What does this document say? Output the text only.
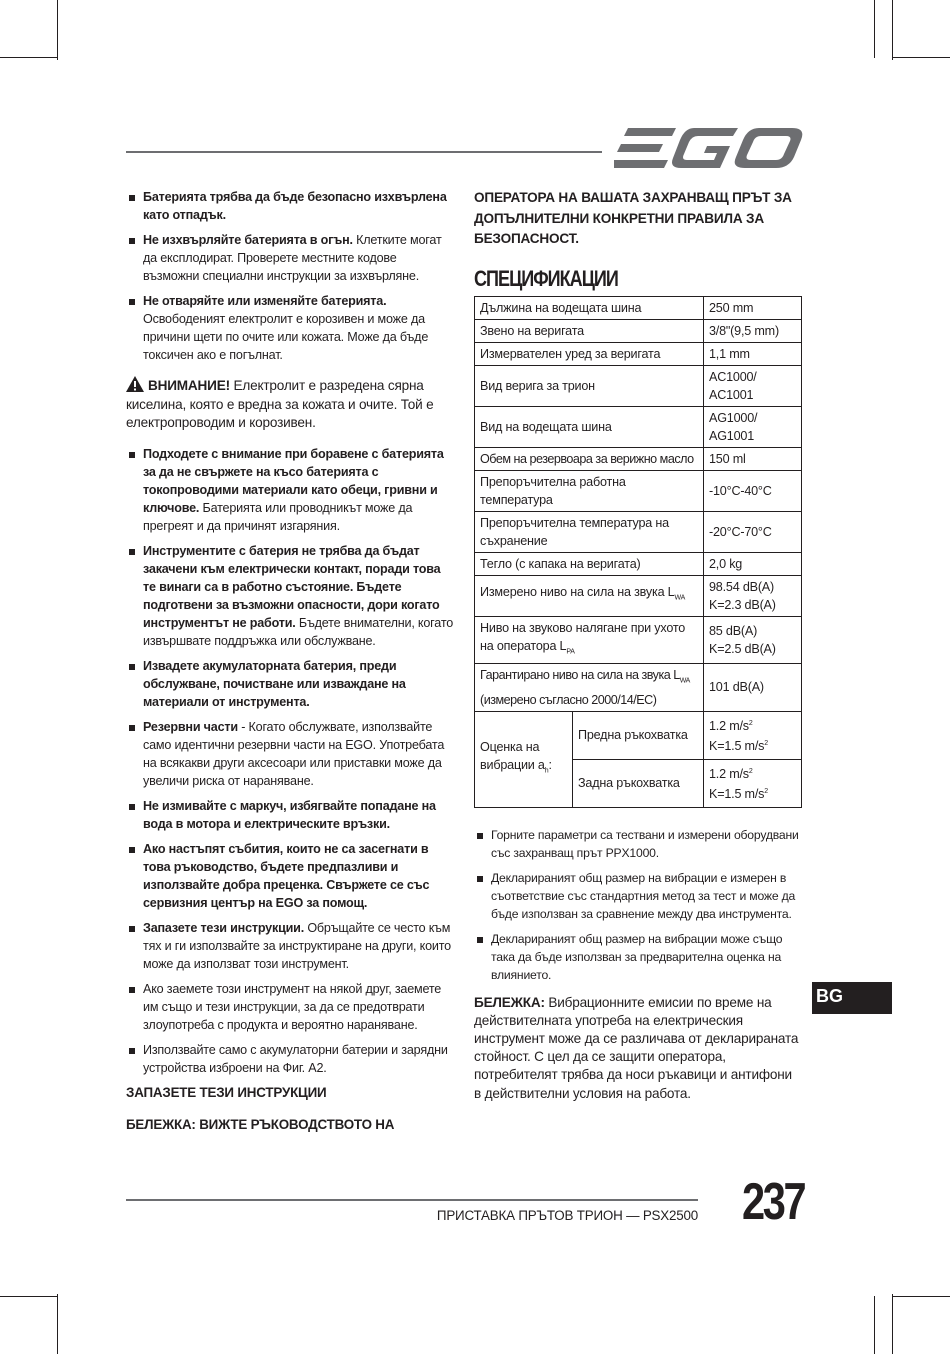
EGO
Батерията трябва да бъде безопасно изхвърлена като отпадък.
Не изхвърляйте батерията в огън. Клетките могат да експлодират. Проверете местните кодове възможни специални инструкции за изхвърляне.
Не отваряйте или изменяйте батерията. Освободеният електролит е корозивен и може да причини щети по очите или кожата. Може да бъде токсичен ако е погълнат.
ВНИМАНИЕ! Електролит е разредена сярна киселина, която е вредна за кожата и очите. Той е електропроводим и корозивен.
Подходете с внимание при боравене с батерията за да не свържете на късо батерията с токопроводими материали като обеци, гривни и ключове. Батерията или проводникът може да прегреят и да причинят изгаряния.
Инструментите с батерия не трябва да бъдат закачени към електрически контакт, поради това те винаги са в работно състояние. Бъдете подготвени за възможни опасности, дори когато инструментът не работи. Бъдете внимателни, когато извършвате поддръжка или обслужване.
Извадете акумулаторната батерия, преди обслужване, почистване или изваждане на материали от инструмента.
Резервни части - Когато обслужвате, използвайте само идентични резервни части на EGO. Употребата на всякакви други аксесоари или приставки може да увеличи риска от нараняване.
Не измивайте с маркуч, избягвайте попадане на вода в мотора и електрическите връзки.
Ако настъпят събития, които не са засегнати в това ръководство, бъдете предпазливи и използвайте добра преценка. Свържете се със сервизния център на EGO за помощ.
Запазете тези инструкции. Обръщайте се често към тях и ги използвайте за инструктиране на други, които може да използват този инструмент.
Ако заемете този инструмент на някой друг, заемете им също и тези инструкции, за да се предотврати злоупотреба с продукта и вероятно нараняване.
Използвайте само с акумулаторни батерии и зарядни устройства изброени на Фиг. А2.
ЗАПАЗЕТЕ ТЕЗИ ИНСТРУКЦИИ
БЕЛЕЖКА: ВИЖТЕ РЪКОВОДСТВОТО НА
ОПЕРАТОРА НА ВАШАТА ЗАХРАНВАЩ ПРЪТ ЗА ДОПЪЛНИТЕЛНИ КОНКРЕТНИ ПРАВИЛА ЗА БЕЗОПАСНОСТ.
СПЕЦИФИКАЦИИ
Дължина на водещата шина		250 mm
Звено на веригата		3/8"(9,5 mm)
Измервателен уред за веригата		1,1 mm
Вид верига за трион		AC1000/ AC1001
Вид на водещата шина		AG1000/ AG1001
Обем на резервоара за верижно масло		150 ml
Препоръчителна работна температура		-10°C-40°C
Препоръчителна температура на съхранение		-20°C-70°C
Тегло (с капака на веригата)		2,0 kg
Измерено ниво на сила на звука $L_{WA}$		98.54 dB(A)
K=2.3 dB(A)

Ниво на звуково налягане при ухото на оператора $L_{PA}$		85 dB(A)
K=2.5 dB(A)

Гарантирано ниво на сила на звука $L_{WA}$
(измерено съгласно 2000/14/ЕС)		101 dB(A)
Оценка на вибрации $a_h$:	Предна ръкохватка	1.2 $m/s^2$
K=1.5 $m/s^2$

	Задна ръкохватка	1.2 $m/s^2$
K=1.5 $m/s^2$
Горните параметри са тествани и измерени оборудвани със захранващ прът PPX1000.
Декларираният общ размер на вибрации е измерен в съответствие със стандартния метод за тест и може да бъде използван за сравнение между два инструмента.
Декларираният общ размер на вибрации може също така да бъде използван за предварителна оценка на влиянието.
БЕЛЕЖКА: Вибрационните емисии по време на действителната употреба на електрическия инструмент може да се различава от декларираната стойност. С цел да се защити оператора, потребителят трябва да носи ръкавици и антифони в действителни условия на работа.
BG
ПРИСТАВКА ПРЪТОВ ТРИОН — PSX2500 237
